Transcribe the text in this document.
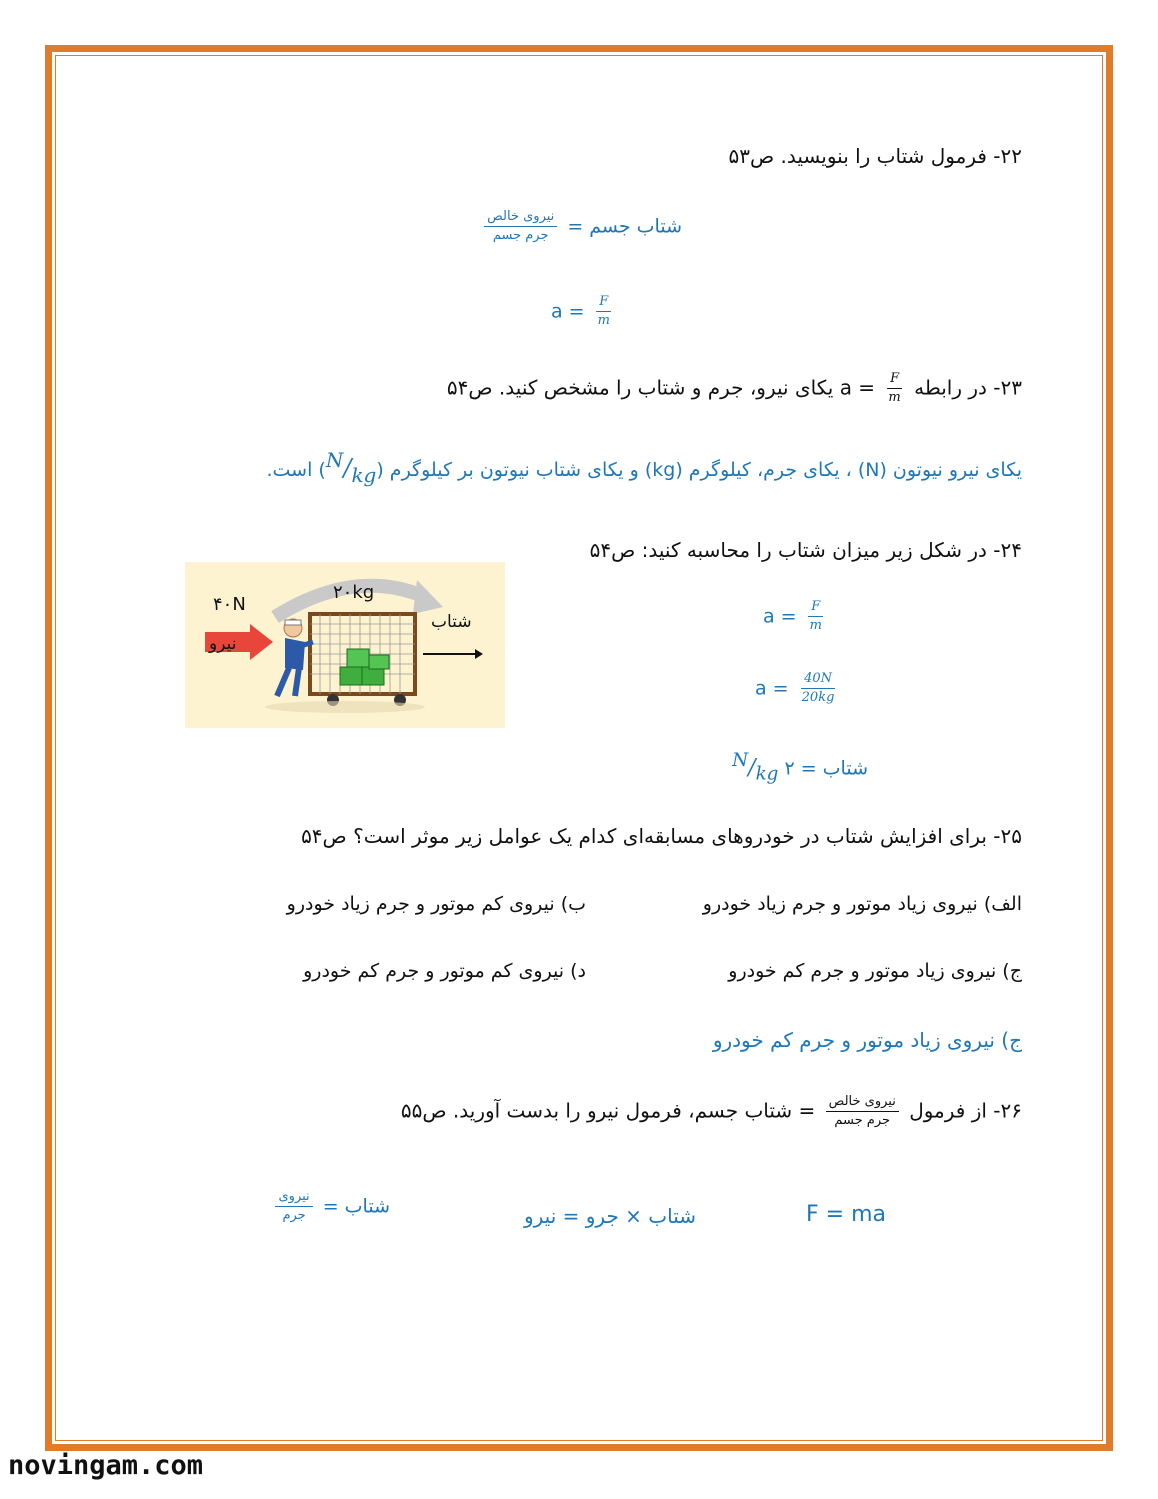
۲۲- فرمول شتاب را بنویسید. ص۵۳
شتاب جسم =
$\frac{\text{نیروی خالص}}{\text{جرم جسم}}$
$a = \frac{F}{m}$
۲۳- در رابطه $a = \frac{F}{m}$
یکای نیرو، جرم و شتاب را مشخص کنید. ص۵۴
یکای نیرو نیوتون (N) ، یکای جرم، کیلوگرم (kg) و یکای شتاب نیوتون بر کیلوگرم $(^N/_{kg})$ است.
۲۴- در شکل زیر میزان شتاب را محاسبه کنید: ص۵۴
۴۰N
۲۰kg
نیرو
شتاب	$a = \frac{F}{m}$
$a = \frac{40N}{20kg}$
شتاب = ۲ $^N/_{kg}$
۲۵- برای افزایش شتاب در خودروهای مسابقه‌ای کدام یک عوامل زیر موثر است؟ ص۵۴
الف) نیروی زیاد موتور و جرم زیاد خودرو
ب) نیروی کم موتور و جرم زیاد خودرو
ج) نیروی زیاد موتور و جرم کم خودرو
د) نیروی کم موتور و جرم کم خودرو
ج) نیروی زیاد موتور و جرم کم خودرو
۲۶- از فرمول
$\frac{\text{نیروی خالص}}{\text{جرم جسم}}$
= شتاب جسم، فرمول نیرو را بدست آورید. ص۵۵
شتاب =
$\frac{\text{نیروی}}{\text{جرم}}$	شتاب × جرو = نیرو	F = ma
novingam.com
